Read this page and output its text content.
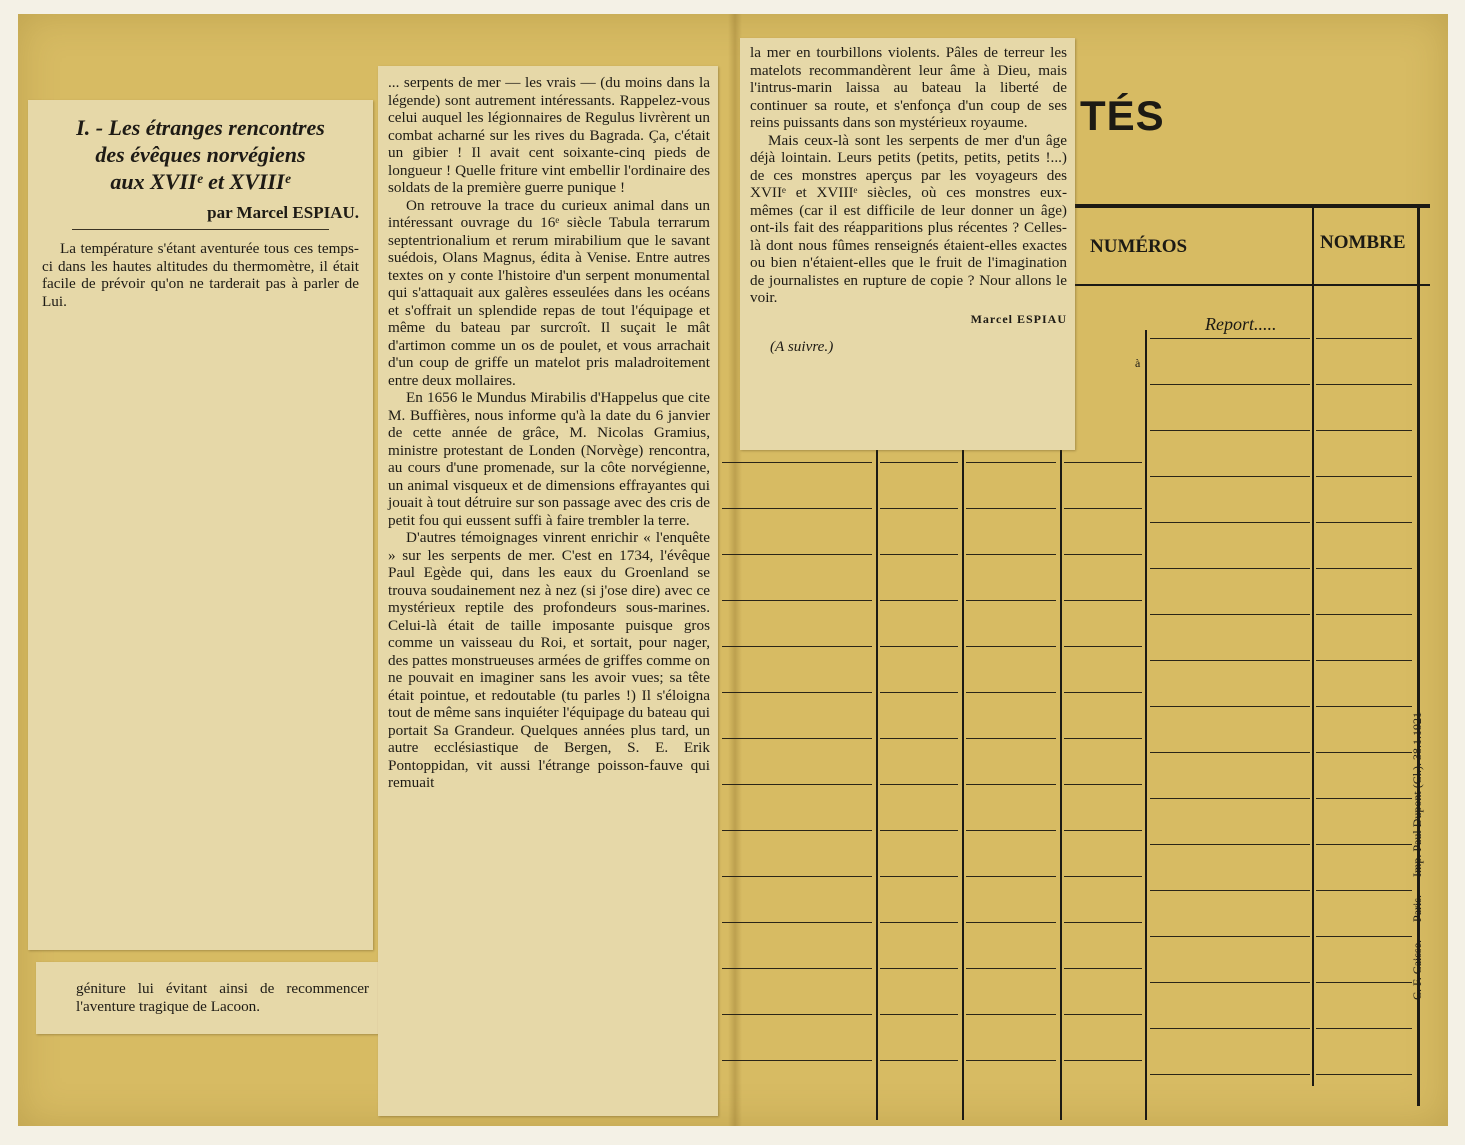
TÉS
NUMÉROS	NOMBRE
Report.....
à
C. F. Caisse. — Paris. — Imp. Paul Dupont (Cl.). 38.1.1921
I. - Les étranges rencontres
des évêques norvégiens
aux XVIIᵉ et XVIIIᵉ
par Marcel ESPIAU.

La température s'étant aventurée tous ces temps-ci dans les hautes altitudes du thermomètre, il était facile de prévoir qu'on ne tarderait pas à parler de Lui.

géniture lui évitant ainsi de recommencer l'aventure tragique de Lacoon.

... serpents de mer — les vrais — (du moins dans la légende) sont autrement intéressants. Rappelez-vous celui auquel les légionnaires de Regulus livrèrent un combat acharné sur les rives du Bagrada. Ça, c'était un gibier ! Il avait cent soixante-cinq pieds de longueur ! Quelle friture vint embellir l'ordinaire des soldats de la première guerre punique !

On retrouve la trace du curieux animal dans un intéressant ouvrage du 16ᵉ siècle Tabula terrarum septentrionalium et rerum mirabilium que le savant suédois, Olans Magnus, édita à Venise. Entre autres textes on y conte l'histoire d'un serpent monumental qui s'attaquait aux galères esseulées dans les océans et s'offrait un splendide repas de tout l'équipage et même du bateau par surcroît. Il suçait le mât d'artimon comme un os de poulet, et vous arrachait d'un coup de griffe un matelot pris maladroitement entre deux mollaires.

En 1656 le Mundus Mirabilis d'Happelus que cite M. Buffières, nous informe qu'à la date du 6 janvier de cette année de grâce, M. Nicolas Gramius, ministre protestant de Londen (Norvège) rencontra, au cours d'une promenade, sur la côte norvégienne, un animal visqueux et de dimensions effrayantes qui jouait à tout détruire sur son passage avec des cris de petit fou qui eussent suffi à faire trembler la terre.

D'autres témoignages vinrent enrichir « l'enquête » sur les serpents de mer. C'est en 1734, l'évêque Paul Egède qui, dans les eaux du Groenland se trouva soudainement nez à nez (si j'ose dire) avec ce mystérieux reptile des profondeurs sous-marines. Celui-là était de taille imposante puisque gros comme un vaisseau du Roi, et sortait, pour nager, des pattes monstrueuses armées de griffes comme on ne pouvait en imaginer sans les avoir vues; sa tête était pointue, et redoutable (tu parles !) Il s'éloigna tout de même sans inquiéter l'équipage du bateau qui portait Sa Grandeur. Quelques années plus tard, un autre ecclésiastique de Bergen, S. E. Erik Pontoppidan, vit aussi l'étrange poisson-fauve qui remuait

la mer en tourbillons violents. Pâles de terreur les matelots recommandèrent leur âme à Dieu, mais l'intrus-marin laissa au bateau la liberté de continuer sa route, et s'enfonça d'un coup de ses reins puissants dans son mystérieux royaume.

Mais ceux-là sont les serpents de mer d'un âge déjà lointain. Leurs petits (petits, petits, petits !...) de ces monstres aperçus par les voyageurs des XVIIᵉ et XVIIIᵉ siècles, où ces monstres eux-mêmes (car il est difficile de leur donner un âge) ont-ils fait des réapparitions plus récentes ? Celles-là dont nous fûmes renseignés étaient-elles exactes ou bien n'étaient-elles que le fruit de l'imagination de journalistes en rupture de copie ? Nour allons le voir.

Marcel ESPIAU
(A suivre.)
